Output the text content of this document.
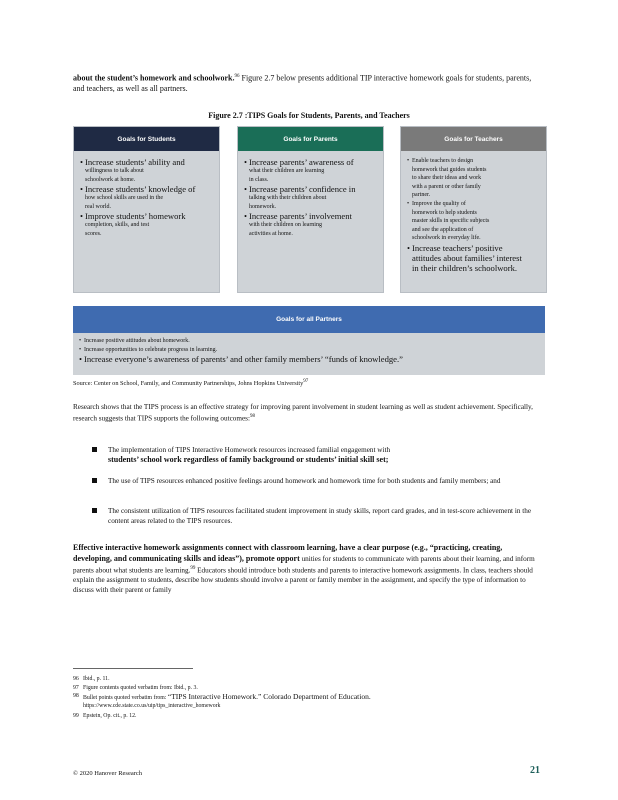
about the student’s homework and schoolwork.$^{96}$ Figure 2.7 below presents additional TIP interactive homework goals for students, parents, and teachers, as well as all partners.
Figure 2.7 :TIPS Goals for Students, Parents, and Teachers
Goals for Students
• Increase students’ ability and
willingness to talk about
schoolwork at home.
• Increase students’ knowledge of
how school skills are used in the
real world.
• Improve students’ homework
completion, skills, and test
scores.
Goals for Parents
• Increase parents’ awareness of
what their children are learning
in class.
• Increase parents’ confidence in
talking with their children about
homework.
• Increase parents’ involvement
with their children on learning
activities at home.
Goals for Teachers
• Enable teachers to design
homework that guides students
to share their ideas and work
with a parent or other family
partner.
• Improve the quality of
homework to help students
master skills in specific subjects
and see the application of
schoolwork in everyday life.
• Increase teachers’ positive
attitudes about families’ interest
in their children’s schoolwork.
Goals for all Partners
• Increase positive attitudes about homework.
• Increase opportunities to celebrate progress in learning.
• Increase everyone’s awareness of parents’ and other family members’ “funds of knowledge.”
Source: Center on School, Family, and Community Partnerships, Johns Hopkins University$^{97}$
Research shows that the TIPS process is an effective strategy for improving parent involvement in student learning as well as student achievement. Specifically, research suggests that TIPS supports the following outcomes:$^{98}$
The implementation of TIPS Interactive Homework resources increased familial engagement with
students’ school work regardless of family background or students’ initial skill set;
The use of TIPS resources enhanced positive feelings around homework and homework time for both students and family members; and
The consistent utilization of TIPS resources facilitated student improvement in study skills, report card grades, and in test-score achievement in the content areas related to the TIPS resources.
Effective interactive homework assignments connect with classroom learning, have a clear purpose (e.g., “practicing, creating, developing, and communicating skills and ideas”), promote opport unities for students to communicate with parents about their learning, and inform parents about what students are learning.$^{99}$ Educators should introduce both students and parents to interactive homework assignments. In class, teachers should explain the assignment to students, describe how students should involve a parent or family member in the assignment, and specify the type of information to discuss with their parent or family
96 Ibid., p. 11.
97 Figure contents quoted verbatim from: Ibid., p. 3.
98 Bullet points quoted verbatim from: “TIPS Interactive Homework.” Colorado Department of Education.
https://www.cde.state.co.us/uip/tips_interactive_homework
99 Epstein, Op. cit., p. 12.
© 2020 Hanover Research	21
